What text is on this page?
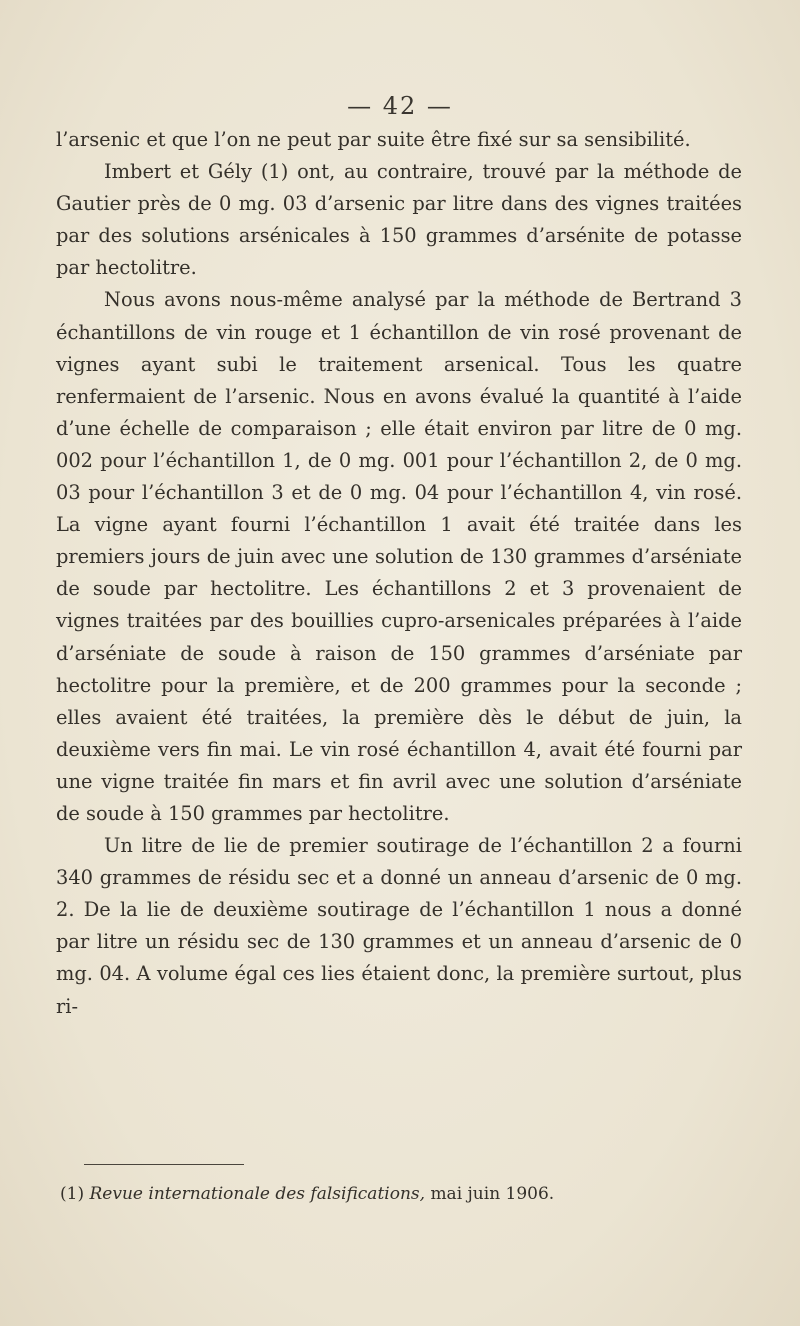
— 42 —

l’arsenic et que l’on ne peut par suite être fixé sur sa sensibilité.

Imbert et Gély (1) ont, au contraire, trouvé par la méthode de Gautier près de 0 mg. 03 d’arsenic par litre dans des vignes traitées par des solutions arsénicales à 150 grammes d’arsénite de potasse par hectolitre.

Nous avons nous-même analysé par la méthode de Bertrand 3 échantillons de vin rouge et 1 échantillon de vin rosé provenant de vignes ayant subi le traitement arsenical. Tous les quatre renfermaient de l’arsenic. Nous en avons évalué la quantité à l’aide d’une échelle de comparaison ; elle était environ par litre de 0 mg. 002 pour l’échantillon 1, de 0 mg. 001 pour l’échantillon 2, de 0 mg. 03 pour l’échantillon 3 et de 0 mg. 04 pour l’échantillon 4, vin rosé. La vigne ayant fourni l’échantillon 1 avait été traitée dans les premiers jours de juin avec une solution de 130 grammes d’arséniate de soude par hectolitre. Les échantillons 2 et 3 provenaient de vignes traitées par des bouillies cupro-arsenicales préparées à l’aide d’arséniate de soude à raison de 150 grammes d’arséniate par hectolitre pour la première, et de 200 grammes pour la seconde ; elles avaient été traitées, la première dès le début de juin, la deuxième vers fin mai. Le vin rosé échantillon 4, avait été fourni par une vigne traitée fin mars et fin avril avec une solution d’arséniate de soude à 150 grammes par hectolitre.

Un litre de lie de premier soutirage de l’échantillon 2 a fourni 340 grammes de résidu sec et a donné un anneau d’arsenic de 0 mg. 2. De la lie de deuxième soutirage de l’échantillon 1 nous a donné par litre un résidu sec de 130 grammes et un anneau d’arsenic de 0 mg. 04. A volume égal ces lies étaient donc, la première surtout, plus ri-

(1) Revue internationale des falsifications, mai juin 1906.
